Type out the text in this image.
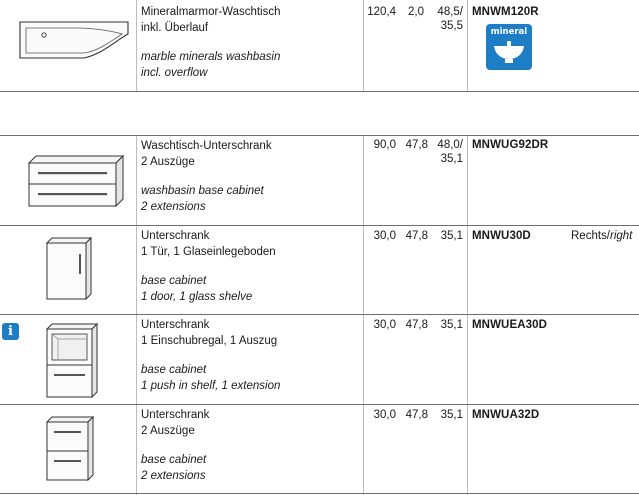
Mineralmarmor-Waschtisch
inkl. Überlauf
marble minerals washbasin
incl. overflow
120,4	2,0	48,5/
35,5
MNWM120R
mineral
Waschtisch-Unterschrank
2 Auszüge
washbasin base cabinet
2 extensions
90,0 47,8 48,0/
35,1
MNWUG92DR
Unterschrank
1 Tür, 1 Glaseinlegeboden
base cabinet
1 door, 1 glass shelve
30,0 47,8	35,1 MNWU30D	Rechts/right
i	Unterschrank
1 Einschubregal, 1 Auszug
base cabinet
1 push in shelf, 1 extension
30,0 47,8	35,1 MNWUEA30D
Unterschrank
2 Auszüge
base cabinet
2 extensions
30,0 47,8	35,1 MNWUA32D
